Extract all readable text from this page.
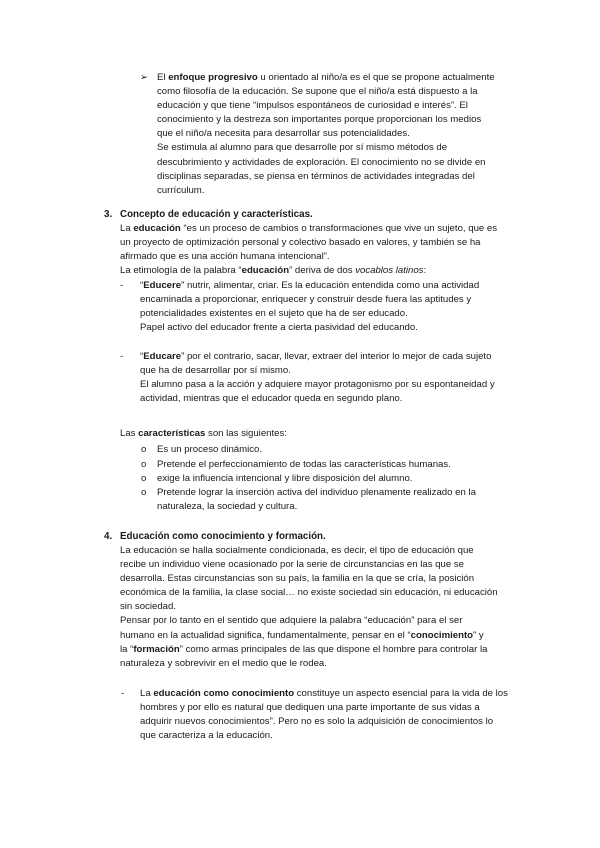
➢ El enfoque progresivo u orientado al niño/a es el que se propone actualmente
como filosofía de la educación. Se supone que el niño/a está dispuesto a la
educación y que tiene “impulsos espontáneos de curiosidad e interés”. El
conocimiento y la destreza son importantes porque proporcionan los medios
que el niño/a necesita para desarrollar sus potencialidades.
Se estimula al alumno para que desarrolle por sí mismo métodos de
descubrimiento y actividades de exploración. El conocimiento no se divide en
disciplinas separadas, se piensa en términos de actividades integradas del
currículum.
3. Concepto de educación y características.
La educación “es un proceso de cambios o transformaciones que vive un sujeto, que es
un proyecto de optimización personal y colectivo basado en valores, y también se ha
afirmado que es una acción humana intencional”.
La etimología de la palabra “educación” deriva de dos vocablos latinos:
- “Educere” nutrir, alimentar, criar. Es la educación entendida como una actividad
encaminada a proporcionar, enriquecer y construir desde fuera las aptitudes y
potencialidades existentes en el sujeto que ha de ser educado.
Papel activo del educador frente a cierta pasividad del educando.
- “Educare” por el contrario, sacar, llevar, extraer del interior lo mejor de cada sujeto
que ha de desarrollar por sí mismo.
El alumno pasa a la acción y adquiere mayor protagonismo por su espontaneidad y
actividad, mientras que el educador queda en segundo plano.
Las características son las siguientes:
o Es un proceso dinámico.
o Pretende el perfeccionamiento de todas las características humanas.
o exige la influencia intencional y libre disposición del alumno.
o Pretende lograr la inserción activa del individuo plenamente realizado en la
naturaleza, la sociedad y cultura.
4. Educación como conocimiento y formación.
La educación se halla socialmente condicionada, es decir, el tipo de educación que
recibe un individuo viene ocasionado por la serie de circunstancias en las que se
desarrolla. Estas circunstancias son su país, la familia en la que se cría, la posición
económica de la familia, la clase social… no existe sociedad sin educación, ni educación
sin sociedad.
Pensar por lo tanto en el sentido que adquiere la palabra “educación” para el ser
humano en la actualidad significa, fundamentalmente, pensar en el “conocimiento” y
la “formación” como armas principales de las que dispone el hombre para controlar la
naturaleza y sobrevivir en el medio que le rodea.
- La educación como conocimiento constituye un aspecto esencial para la vida de los
hombres y por ello es natural que dediquen una parte importante de sus vidas a
adquirir nuevos conocimientos”. Pero no es solo la adquisición de conocimientos lo
que caracteriza a la educación.
